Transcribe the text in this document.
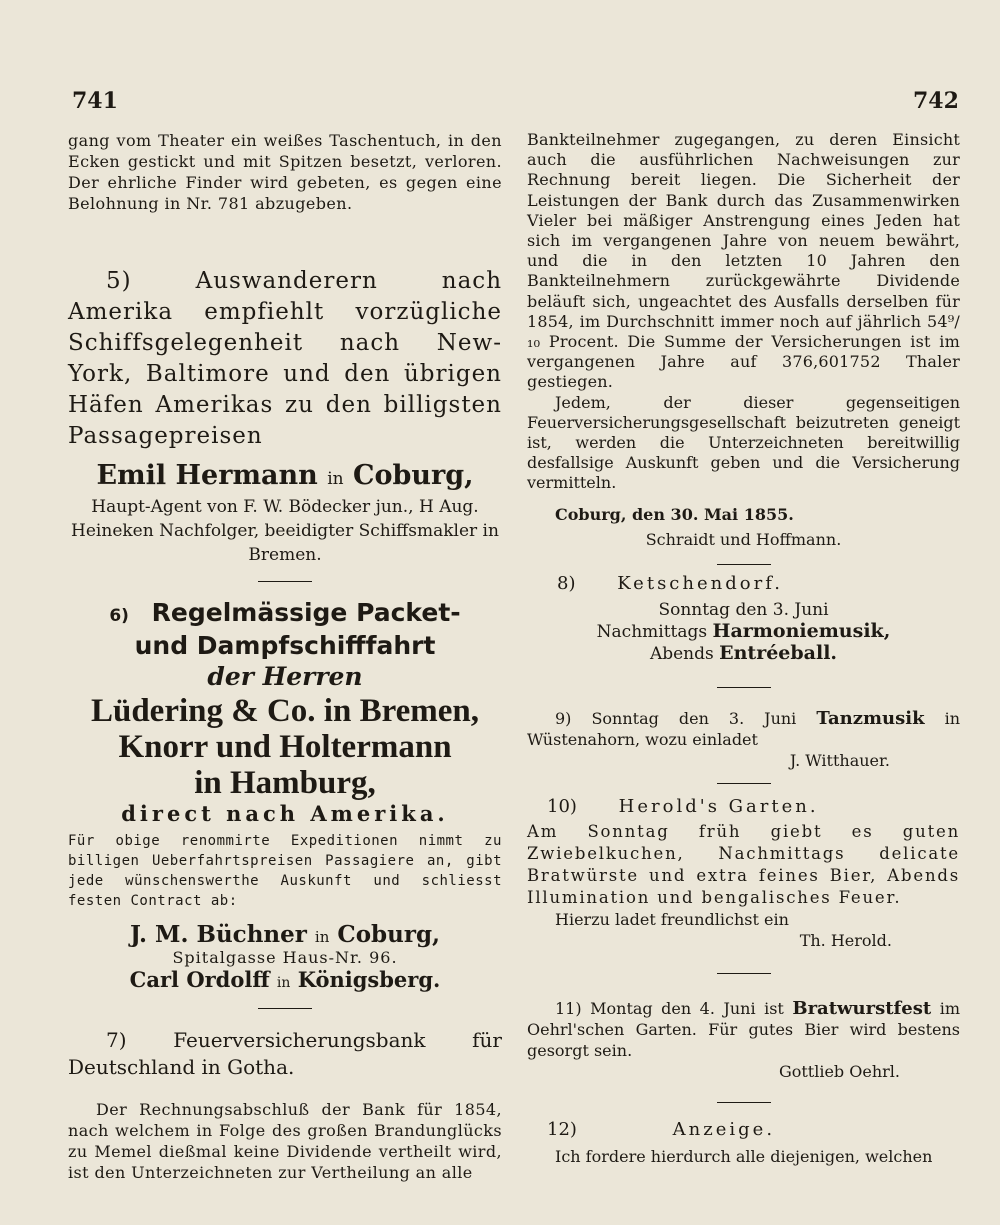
741	742

gang vom Theater ein weißes Taschentuch, in den Ecken gestickt und mit Spitzen besetzt, verloren. Der ehrliche Finder wird gebeten, es gegen eine Belohnung in Nr. 781 abzugeben.

5)	Auswanderern nach Amerika empfiehlt vorzügliche Schiffsgelegenheit nach New-York, Baltimore und den übrigen Häfen Amerikas zu den billigsten Passagepreisen

Emil Hermann in Coburg,

Haupt-Agent von F. W. Bödecker jun., H Aug. Heineken Nachfolger, beeidigter Schiffsmakler in Bremen.

6) Regelmässige Packet-

und Dampfschifffahrt

der Herren

Lüdering & Co. in Bremen,

Knorr und Holtermann

in Hamburg,

direct nach Amerika.

Für obige renommirte Expeditionen nimmt zu billigen Ueberfahrtspreisen Passagiere an, gibt jede wünschenswerthe Auskunft und schliesst festen Contract ab:

J. M. Büchner in Coburg,

Spitalgasse Haus-Nr. 96.

Carl Ordolff in Königsberg.

7) Feuerversicherungsbank für Deutschland in Gotha.

Der Rechnungsabschluß der Bank für 1854, nach welchem in Folge des großen Brandunglücks zu Memel dießmal keine Dividende vertheilt wird, ist den Unterzeichneten zur Vertheilung an alle

Bankteilnehmer zugegangen, zu deren Einsicht auch die ausführlichen Nachweisungen zur Rechnung bereit liegen. Die Sicherheit der Leistungen der Bank durch das Zusammenwirken Vieler bei mäßiger Anstrengung eines Jeden hat sich im vergangenen Jahre von neuem bewährt, und die in den letzten 10 Jahren den Bankteilnehmern zurückgewährte Dividende beläuft sich, ungeachtet des Ausfalls derselben für 1854, im Durchschnitt immer noch auf jährlich 54⁹/₁₀ Procent. Die Summe der Versicherungen ist im vergangenen Jahre auf 376,601752 Thaler gestiegen.

Jedem, der dieser gegenseitigen Feuerversicherungsgesellschaft beizutreten geneigt ist, werden die Unterzeichneten bereitwillig desfallsige Auskunft geben und die Versicherung vermitteln.

Coburg, den 30. Mai 1855.

Schraidt und Hoffmann.

8) Ketschendorf.

Sonntag den 3. Juni

Nachmittags Harmoniemusik,

Abends Entréeball.

9) Sonntag den 3. Juni Tanzmusik in Wüstenahorn, wozu einladet

J. Witthauer.

10) Herold's Garten.

Am Sonntag früh giebt es guten Zwiebelkuchen, Nachmittags delicate Bratwürste und extra feines Bier, Abends Illumination und bengalisches Feuer.

Hierzu ladet freundlichst ein

Th. Herold.

11) Montag den 4. Juni ist Bratwurstfest im Oehrl'schen Garten. Für gutes Bier wird bestens gesorgt sein.

Gottlieb Oehrl.

12)	Anzeige.

Ich fordere hierdurch alle diejenigen, welchen
